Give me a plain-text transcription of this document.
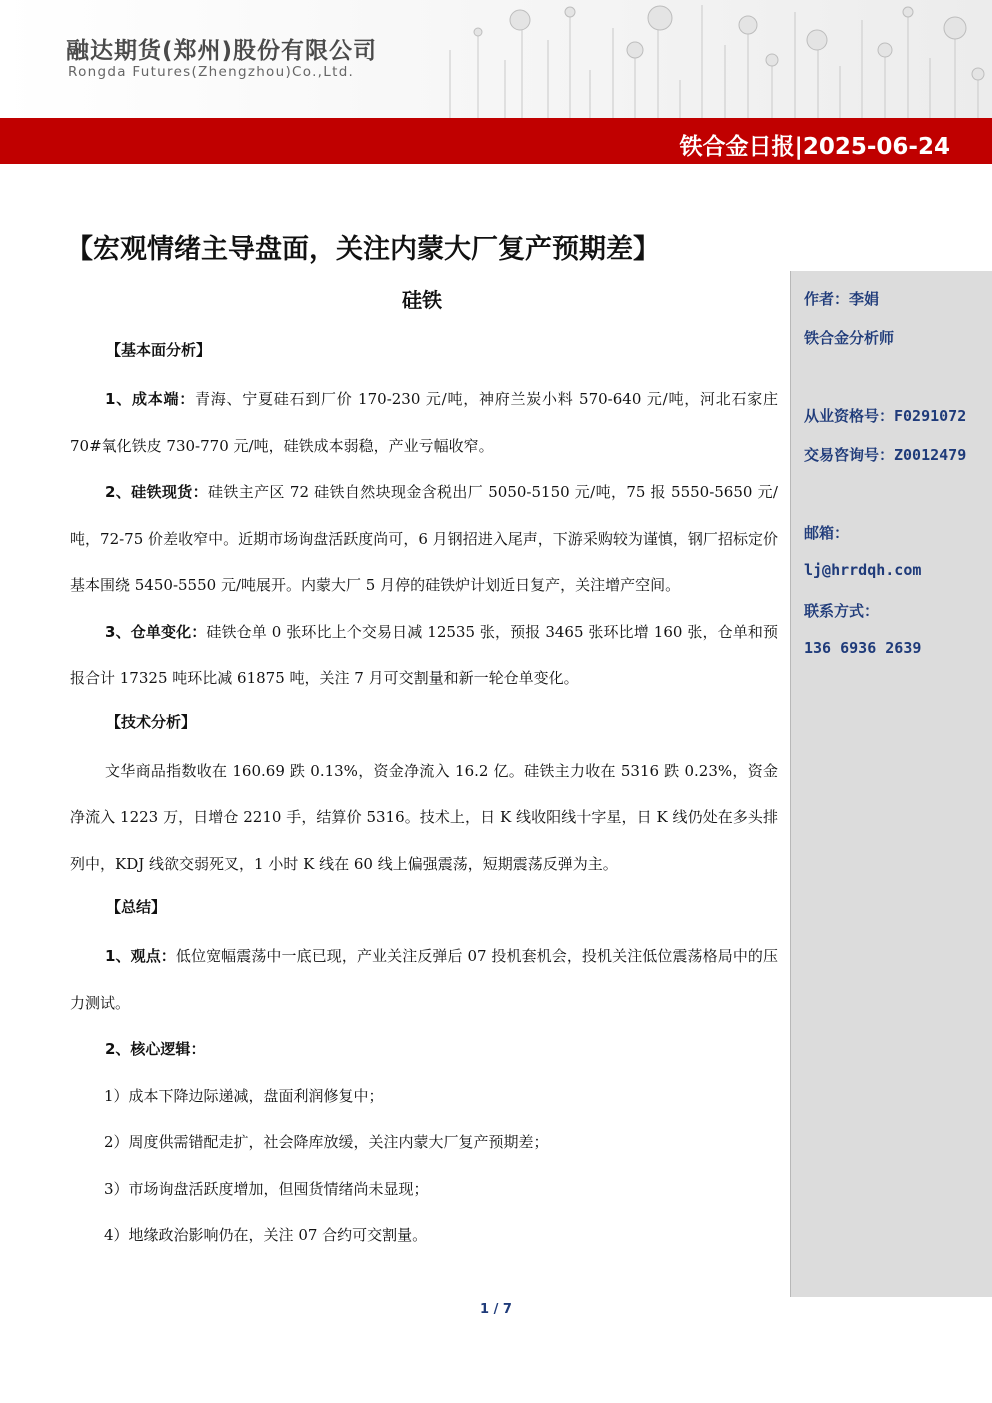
融达期货(郑州)股份有限公司
Rongda Futures(Zhengzhou)Co.,Ltd.
铁合金日报|2025-06-24
【宏观情绪主导盘面，关注内蒙大厂复产预期差】
硅铁
【基本面分析】

1、成本端：青海、宁夏硅石到厂价 170-230 元/吨，神府兰炭小料 570-640 元/吨，河北石家庄 70#氧化铁皮 730-770 元/吨，硅铁成本弱稳，产业亏幅收窄。

2、硅铁现货：硅铁主产区 72 硅铁自然块现金含税出厂 5050-5150 元/吨，75 报 5550-5650 元/吨，72-75 价差收窄中。近期市场询盘活跃度尚可，6 月钢招进入尾声，下游采购较为谨慎，钢厂招标定价基本围绕 5450-5550 元/吨展开。内蒙大厂 5 月停的硅铁炉计划近日复产，关注增产空间。

3、仓单变化：硅铁仓单 0 张环比上个交易日减 12535 张，预报 3465 张环比增 160 张，仓单和预报合计 17325 吨环比减 61875 吨，关注 7 月可交割量和新一轮仓单变化。

【技术分析】

文华商品指数收在 160.69 跌 0.13%，资金净流入 16.2 亿。硅铁主力收在 5316 跌 0.23%，资金净流入 1223 万，日增仓 2210 手，结算价 5316。技术上，日 K 线收阳线十字星，日 K 线仍处在多头排列中，KDJ 线欲交弱死叉，1 小时 K 线在 60 线上偏强震荡，短期震荡反弹为主。

【总结】

1、观点：低位宽幅震荡中一底已现，产业关注反弹后 07 投机套机会，投机关注低位震荡格局中的压力测试。

2、核心逻辑：

1）成本下降边际递减，盘面利润修复中；
2）周度供需错配走扩，社会降库放缓，关注内蒙大厂复产预期差；
3）市场询盘活跃度增加，但囤货情绪尚未显现；
4）地缘政治影响仍在，关注 07 合约可交割量。
作者：李娟
铁合金分析师
从业资格号：F0291072
交易咨询号：Z0012479
邮箱：
lj@hrrdqh.com
联系方式：
136 6936 2639
1 / 7
